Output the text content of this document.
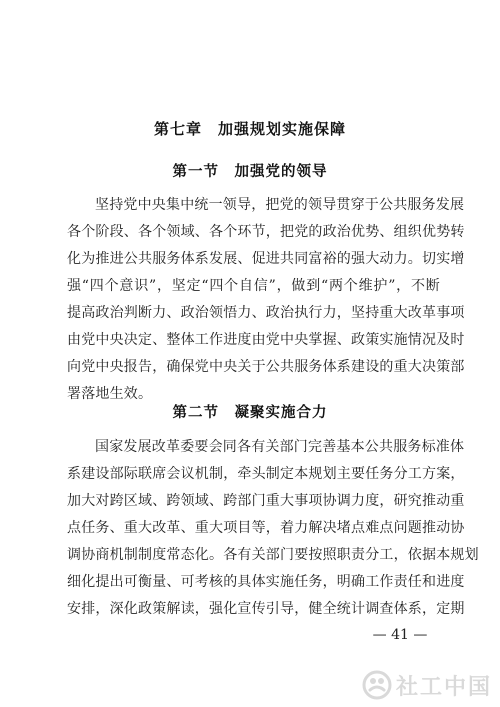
第七章　加强规划实施保障
第一节　加强党的领导
坚持党中央集中统一领导，把党的领导贯穿于公共服务发展
各个阶段、各个领域、各个环节，把党的政治优势、组织优势转
化为推进公共服务体系发展、促进共同富裕的强大动力。切实增
强“四个意识”，坚定“四个自信”，做到“两个维护”，不断
提高政治判断力、政治领悟力、政治执行力，坚持重大改革事项
由党中央决定、整体工作进度由党中央掌握、政策实施情况及时
向党中央报告，确保党中央关于公共服务体系建设的重大决策部
署落地生效。
第二节　凝聚实施合力
国家发展改革委要会同各有关部门完善基本公共服务标准体
系建设部际联席会议机制，牵头制定本规划主要任务分工方案，
加大对跨区域、跨领域、跨部门重大事项协调力度，研究推动重
点任务、重大改革、重大项目等，着力解决堵点难点问题推动协
调协商机制制度常态化。各有关部门要按照职责分工，依据本规划
细化提出可衡量、可考核的具体实施任务，明确工作责任和进度
安排，深化政策解读，强化宣传引导，健全统计调查体系，定期
— 41 —
社工中国
